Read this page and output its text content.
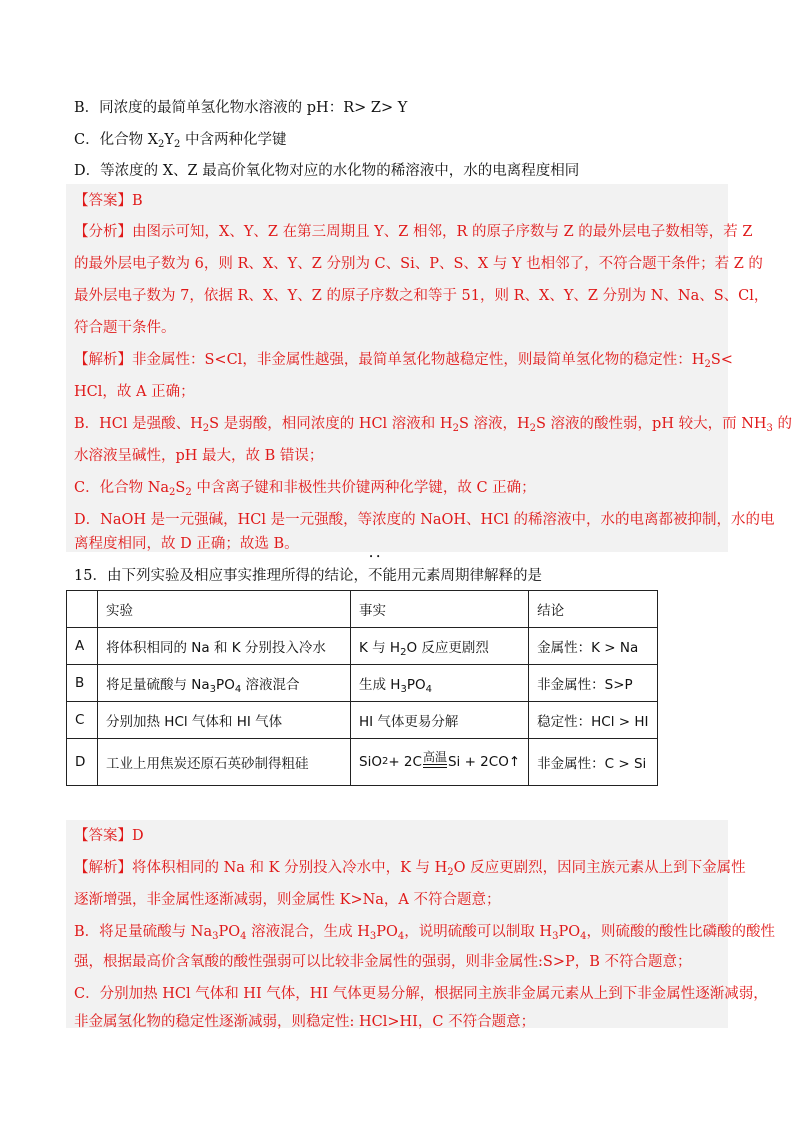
B．同浓度的最简单氢化物水溶液的 pH：R> Z> Y
C．化合物 $X_2Y_2$ 中含两种化学键
D．等浓度的 X、Z 最高价氧化物对应的水化物的稀溶液中，水的电离程度相同
【答案】B
【分析】由图示可知，X、Y、Z 在第三周期且 Y、Z 相邻，R 的原子序数与 Z 的最外层电子数相等，若 Z
的最外层电子数为 6，则 R、X、Y、Z 分别为 C、Si、P、S、X 与 Y 也相邻了，不符合题干条件；若 Z 的
最外层电子数为 7，依据 R、X、Y、Z 的原子序数之和等于 51，则 R、X、Y、Z 分别为 N、Na、S、Cl，
符合题干条件。
【解析】非金属性：S<Cl，非金属性越强，最简单氢化物越稳定性，则最简单氢化物的稳定性：$H_2S<$
HCl，故 A 正确；
B．HCl 是强酸、$H_2S$ 是弱酸，相同浓度的 HCl 溶液和 $H_2S$ 溶液，$H_2S$ 溶液的酸性弱，pH 较大，而 $NH_3$ 的
水溶液呈碱性，pH 最大，故 B 错误；
C．化合物 $Na_2S_2$ 中含离子键和非极性共价键两种化学键，故 C 正确；
D．NaOH 是一元强碱，HCl 是一元强酸，等浓度的 NaOH、HCl 的稀溶液中，水的电离都被抑制，水的电
离程度相同，故 D 正确；故选 B。
15．由下列实验及相应事实推理所得的结论，•• 不能用元素周期律解释的是
	实验	事实	结论
A	将体积相同的 Na 和 K 分别投入冷水	K 与 $H_2O$ 反应更剧烈	金属性：K > Na
B	将足量硫酸与 $Na_3PO_4$ 溶液混合	生成 $H_3PO_4$	非金属性：S>P
C	分别加热 HCl 气体和 HI 气体	HI 气体更易分解	稳定性：HCl > HI
D	工业上用焦炭还原石英砂制得粗硅	SiO 2 + 2C 高温 Si + 2CO↑	非金属性：C > Si
【答案】D
【解析】将体积相同的 Na 和 K 分别投入冷水中，K 与 $H_2O$ 反应更剧烈，因同主族元素从上到下金属性
逐渐增强，非金属性逐渐减弱，则金属性 K>Na，A 不符合题意；
B．将足量硫酸与 $Na_3PO_4$ 溶液混合，生成 $H_3PO_4$，说明硫酸可以制取 $H_3PO_4$，则硫酸的酸性比磷酸的酸性
强，根据最高价含氧酸的酸性强弱可以比较非金属性的强弱，则非金属性:S>P，B 不符合题意；
C．分别加热 HCl 气体和 HI 气体，HI 气体更易分解，根据同主族非金属元素从上到下非金属性逐渐减弱，
非金属氢化物的稳定性逐渐减弱，则稳定性: HCl>HI，C 不符合题意；
